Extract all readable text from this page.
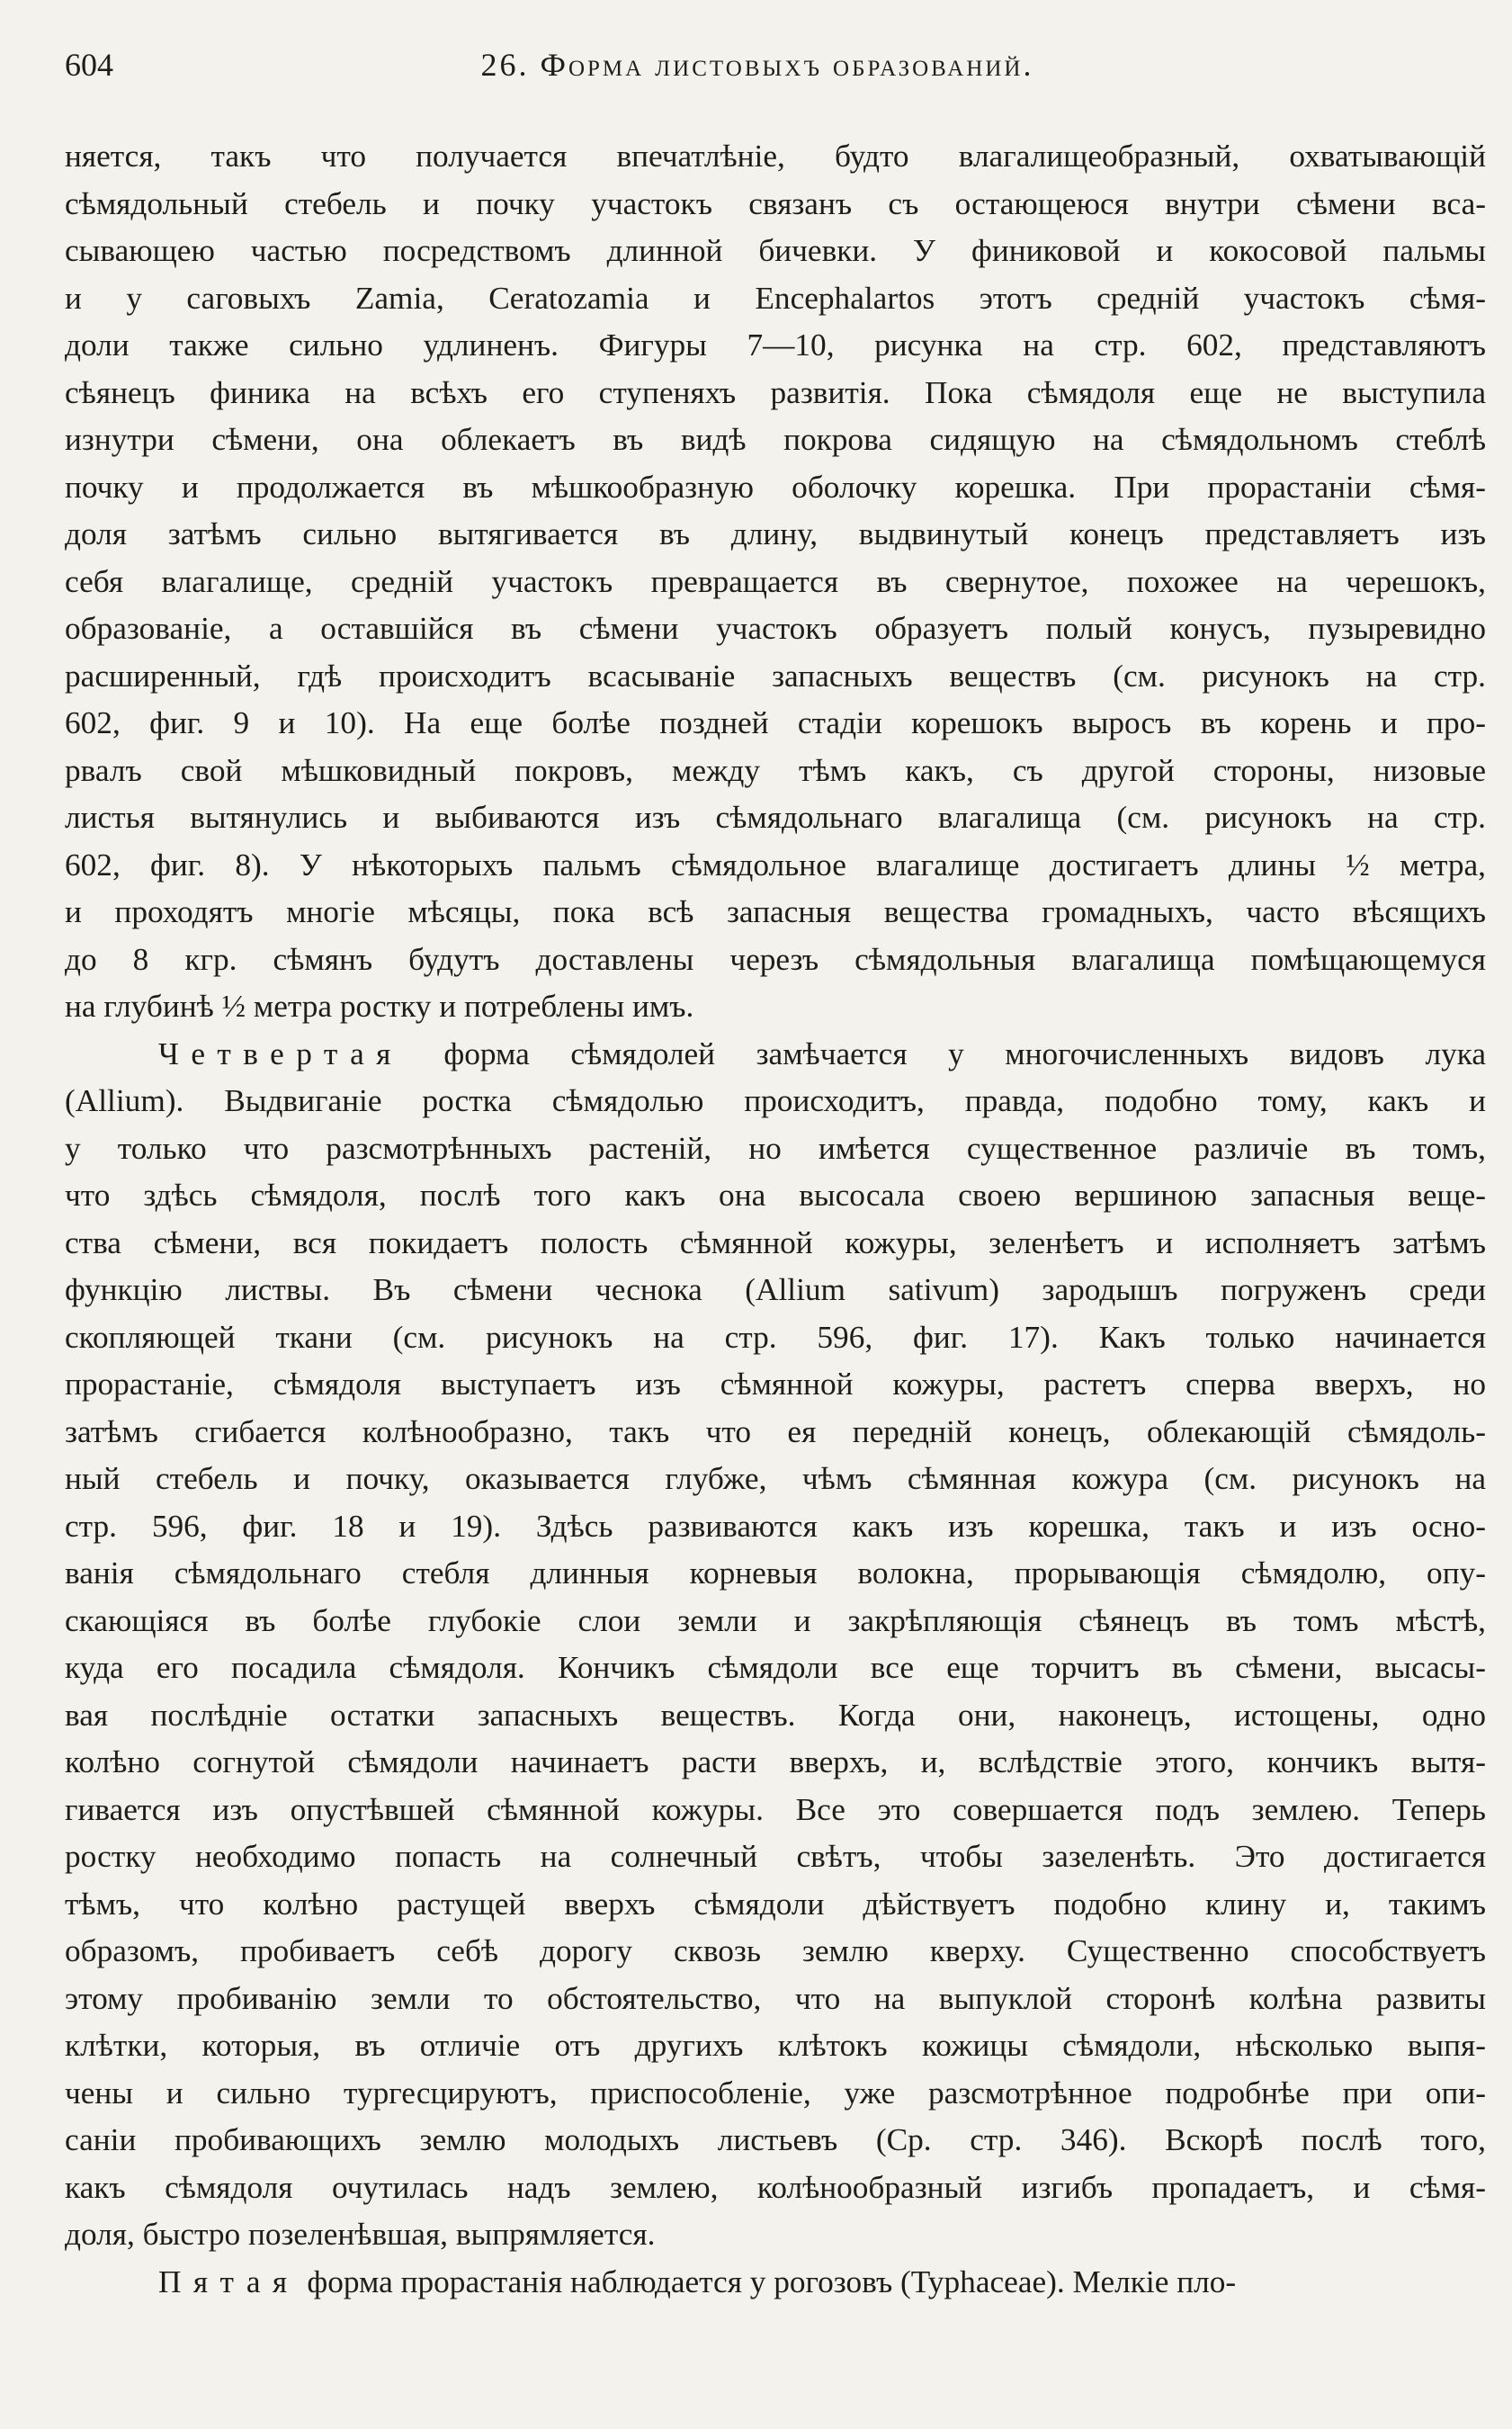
604	26. Форма листовыхъ образований.
няется, такъ что получается впечатлѣніе, будто влагалищеобразный, охватывающій
сѣмядольный стебель и почку участокъ связанъ съ остающеюся внутри сѣмени вса-
сывающею частью посредствомъ длинной бичевки. У финиковой и кокосовой пальмы
и у саговыхъ Zamia, Ceratozamia и Encephalartos этотъ средній участокъ сѣмя-
доли также сильно удлиненъ. Фигуры 7—10, рисунка на стр. 602, представляютъ
сѣянецъ финика на всѣхъ его ступеняхъ развитія. Пока сѣмядоля еще не выступила
изнутри сѣмени, она облекаетъ въ видѣ покрова сидящую на сѣмядольномъ стеблѣ
почку и продолжается въ мѣшкообразную оболочку корешка. При прорастаніи сѣмя-
доля затѣмъ сильно вытягивается въ длину, выдвинутый конецъ представляетъ изъ
себя влагалище, средній участокъ превращается въ свернутое, похожее на черешокъ,
образованіе, а оставшійся въ сѣмени участокъ образуетъ полый конусъ, пузыревидно
расширенный, гдѣ происходитъ всасываніе запасныхъ веществъ (см. рисунокъ на стр.
602, фиг. 9 и 10). На еще болѣе поздней стадіи корешокъ выросъ въ корень и про-
рвалъ свой мѣшковидный покровъ, между тѣмъ какъ, съ другой стороны, низовые
листья вытянулись и выбиваются изъ сѣмядольнаго влагалища (см. рисунокъ на стр.
602, фиг. 8). У нѣкоторыхъ пальмъ сѣмядольное влагалище достигаетъ длины ½ метра,
и проходятъ многіе мѣсяцы, пока всѣ запасныя вещества громадныхъ, часто вѣсящихъ
до 8 кгр. сѣмянъ будутъ доставлены черезъ сѣмядольныя влагалища помѣщающемуся
на глубинѣ ½ метра ростку и потреблены имъ.
Четвертая форма сѣмядолей замѣчается у многочисленныхъ видовъ лука
(Allium). Выдвиганіе ростка сѣмядолью происходитъ, правда, подобно тому, какъ и
у только что разсмотрѣнныхъ растеній, но имѣется существенное различіе въ томъ,
что здѣсь сѣмядоля, послѣ того какъ она высосала своею вершиною запасныя веще-
ства сѣмени, вся покидаетъ полость сѣмянной кожуры, зеленѣетъ и исполняетъ затѣмъ
функцію листвы. Въ сѣмени чеснока (Allium sativum) зародышъ погруженъ среди
скопляющей ткани (см. рисунокъ на стр. 596, фиг. 17). Какъ только начинается
прорастаніе, сѣмядоля выступаетъ изъ сѣмянной кожуры, растетъ сперва вверхъ, но
затѣмъ сгибается колѣнообразно, такъ что ея передній конецъ, облекающій сѣмядоль-
ный стебель и почку, оказывается глубже, чѣмъ сѣмянная кожура (см. рисунокъ на
стр. 596, фиг. 18 и 19). Здѣсь развиваются какъ изъ корешка, такъ и изъ осно-
ванія сѣмядольнаго стебля длинныя корневыя волокна, прорывающія сѣмядолю, опу-
скающіяся въ болѣе глубокіе слои земли и закрѣпляющія сѣянецъ въ томъ мѣстѣ,
куда его посадила сѣмядоля. Кончикъ сѣмядоли все еще торчитъ въ сѣмени, высасы-
вая послѣдніе остатки запасныхъ веществъ. Когда они, наконецъ, истощены, одно
колѣно согнутой сѣмядоли начинаетъ расти вверхъ, и, вслѣдствіе этого, кончикъ вытя-
гивается изъ опустѣвшей сѣмянной кожуры. Все это совершается подъ землею. Теперь
ростку необходимо попасть на солнечный свѣтъ, чтобы зазеленѣть. Это достигается
тѣмъ, что колѣно растущей вверхъ сѣмядоли дѣйствуетъ подобно клину и, такимъ
образомъ, пробиваетъ себѣ дорогу сквозь землю кверху. Существенно способствуетъ
этому пробиванію земли то обстоятельство, что на выпуклой сторонѣ колѣна развиты
клѣтки, которыя, въ отличіе отъ другихъ клѣтокъ кожицы сѣмядоли, нѣсколько выпя-
чены и сильно тургесцируютъ, приспособленіе, уже разсмотрѣнное подробнѣе при опи-
саніи пробивающихъ землю молодыхъ листьевъ (Ср. стр. 346). Вскорѣ послѣ того,
какъ сѣмядоля очутилась надъ землею, колѣнообразный изгибъ пропадаетъ, и сѣмя-
доля, быстро позеленѣвшая, выпрямляется.
Пятая форма прорастанія наблюдается у рогозовъ (Typhaceae). Мелкіе пло-
